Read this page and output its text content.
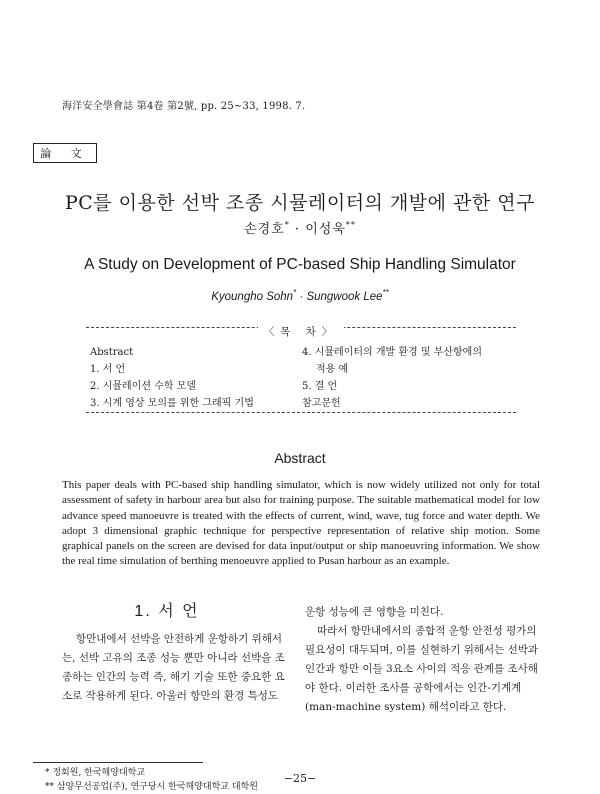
海洋安全學會誌 第4卷 第2號, pp. 25~33, 1998. 7.
論 文
PC를 이용한 선박 조종 시뮬레이터의 개발에 관한 연구
손경호* · 이성욱**
A Study on Development of PC-based Ship Handling Simulator
Kyoungho Sohn* · Sungwook Lee**
〈목 차〉
Abstract
1. 서 언
2. 시뮬레이션 수학 모델
3. 시계 영상 모의를 위한 그래픽 기법
4. 시뮬레이터의 개발 환경 및 부산항에의
적용 예
5. 결 언
참고문헌
Abstract
This paper deals with PC-based ship handling simulator, which is now widely utilized not only for total assessment of safety in harbour area but also for training purpose. The suitable mathematical model for low advance speed manoeuvre is treated with the effects of current, wind, wave, tug force and water depth. We adopt 3 dimensional graphic technique for perspective representation of relative ship motion. Some graphical panels on the screen are devised for data input/output or ship manoeuvring information. We show the real time simulation of berthing menoeuvre applied to Pusan harbour as an example.
1. 서 언
항만내에서 선박을 안전하게 운항하기 위해서는, 선박 고유의 조종 성능 뿐만 아니라 선박을 조종하는 인간의 능력 즉, 해기 기술 또한 중요한 요소로 작용하게 된다. 아울러 항만의 환경 특성도

운항 성능에 큰 영향을 미친다.

따라서 항만내에서의 종합적 운항 안전성 평가의 필요성이 대두되며, 이를 실현하기 위해서는 선박과 인간과 항만 이들 3요소 사이의 적응 관계를 조사해야 한다. 이러한 조사를 공학에서는 인간-기계계(man-machine system) 해석이라고 한다.

* 정회원, 한국해양대학교
** 삼양무선공업(주), 연구당시 한국해양대학교 대학원
−25−
